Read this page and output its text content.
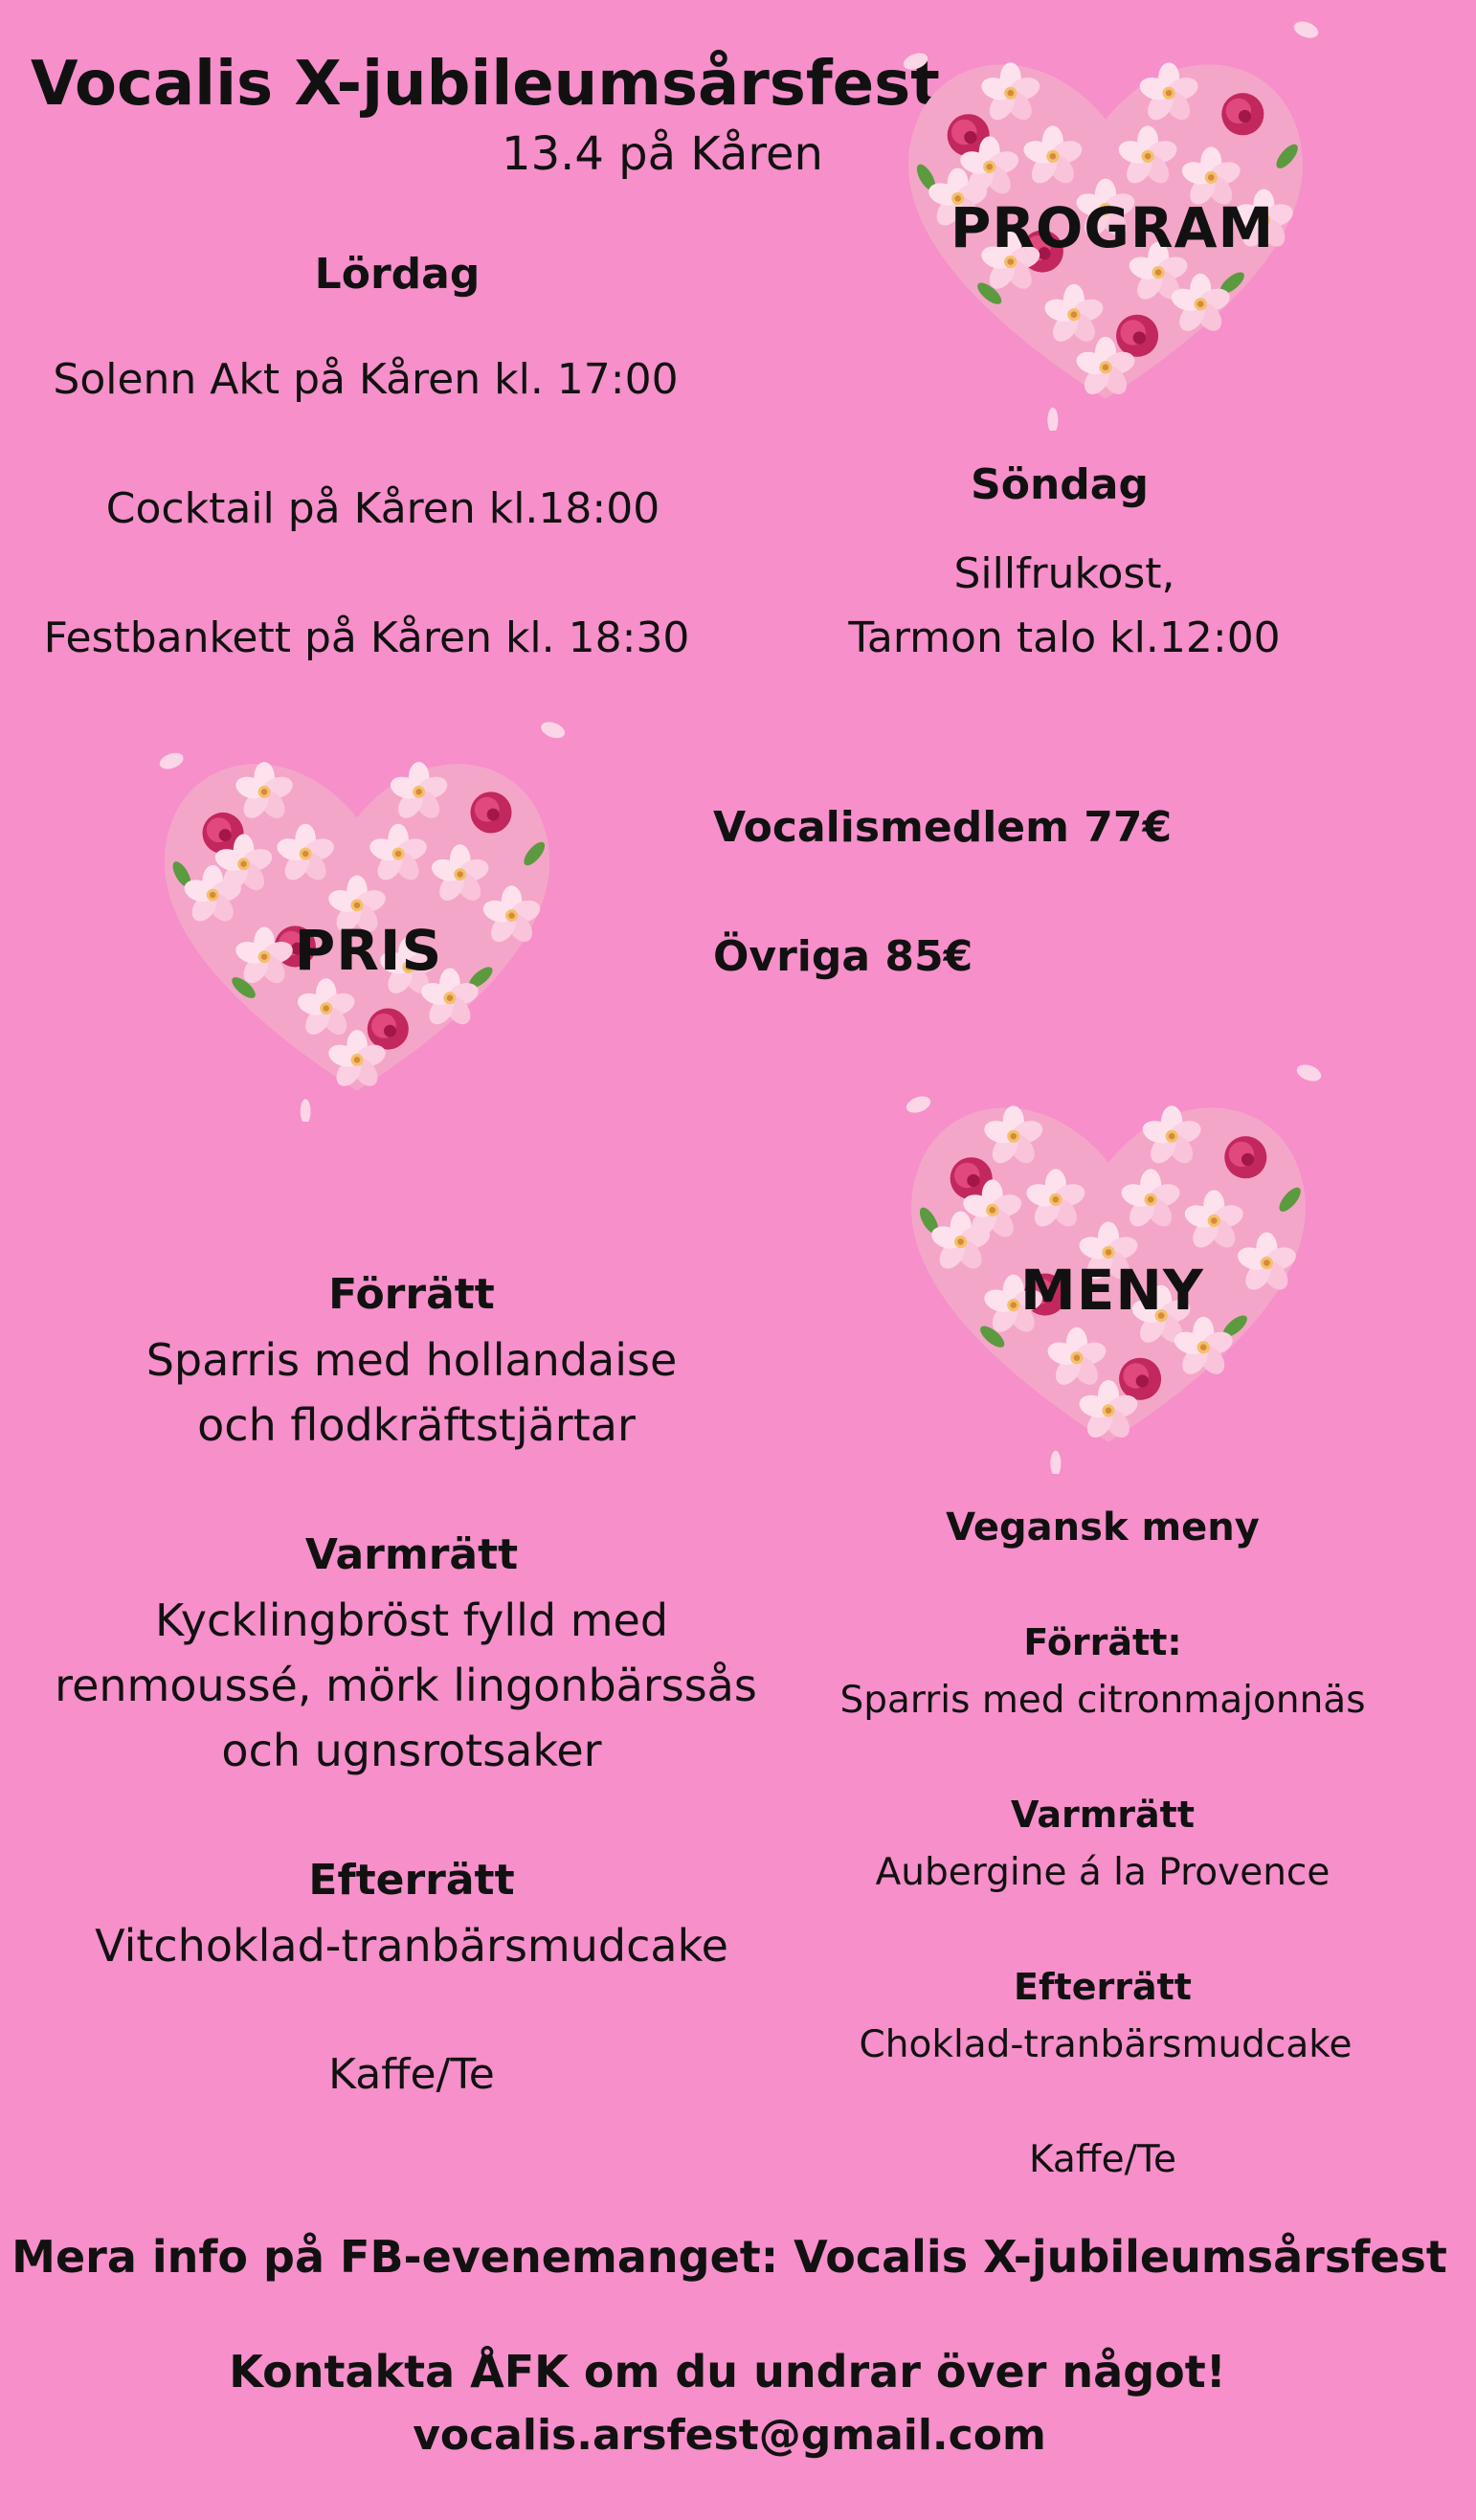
Vocalis X-jubileumsårsfest
13.4 på Kåren
PROGRAM
Lördag
Solenn Akt på Kåren kl. 17:00
Cocktail på Kåren kl.18:00
Festbankett på Kåren kl. 18:30
Söndag
Sillfrukost,
Tarmon talo kl.12:00
PRIS
Vocalismedlem 77€
Övriga 85€
MENY
Förrätt
Sparris med hollandaise
och flodkräftstjärtar
Varmrätt
Kycklingbröst fylld med
renmoussé, mörk lingonbärssås
och ugnsrotsaker
Efterrätt
Vitchoklad-tranbärsmudcake
Kaffe/Te
Vegansk meny
Förrätt:
Sparris med citronmajonnäs
Varmrätt
Aubergine á la Provence
Efterrätt
Choklad-tranbärsmudcake
Kaffe/Te
Mera info på FB-evenemanget: Vocalis X-jubileumsårsfest
Kontakta ÅFK om du undrar över något!
vocalis.arsfest@gmail.com
